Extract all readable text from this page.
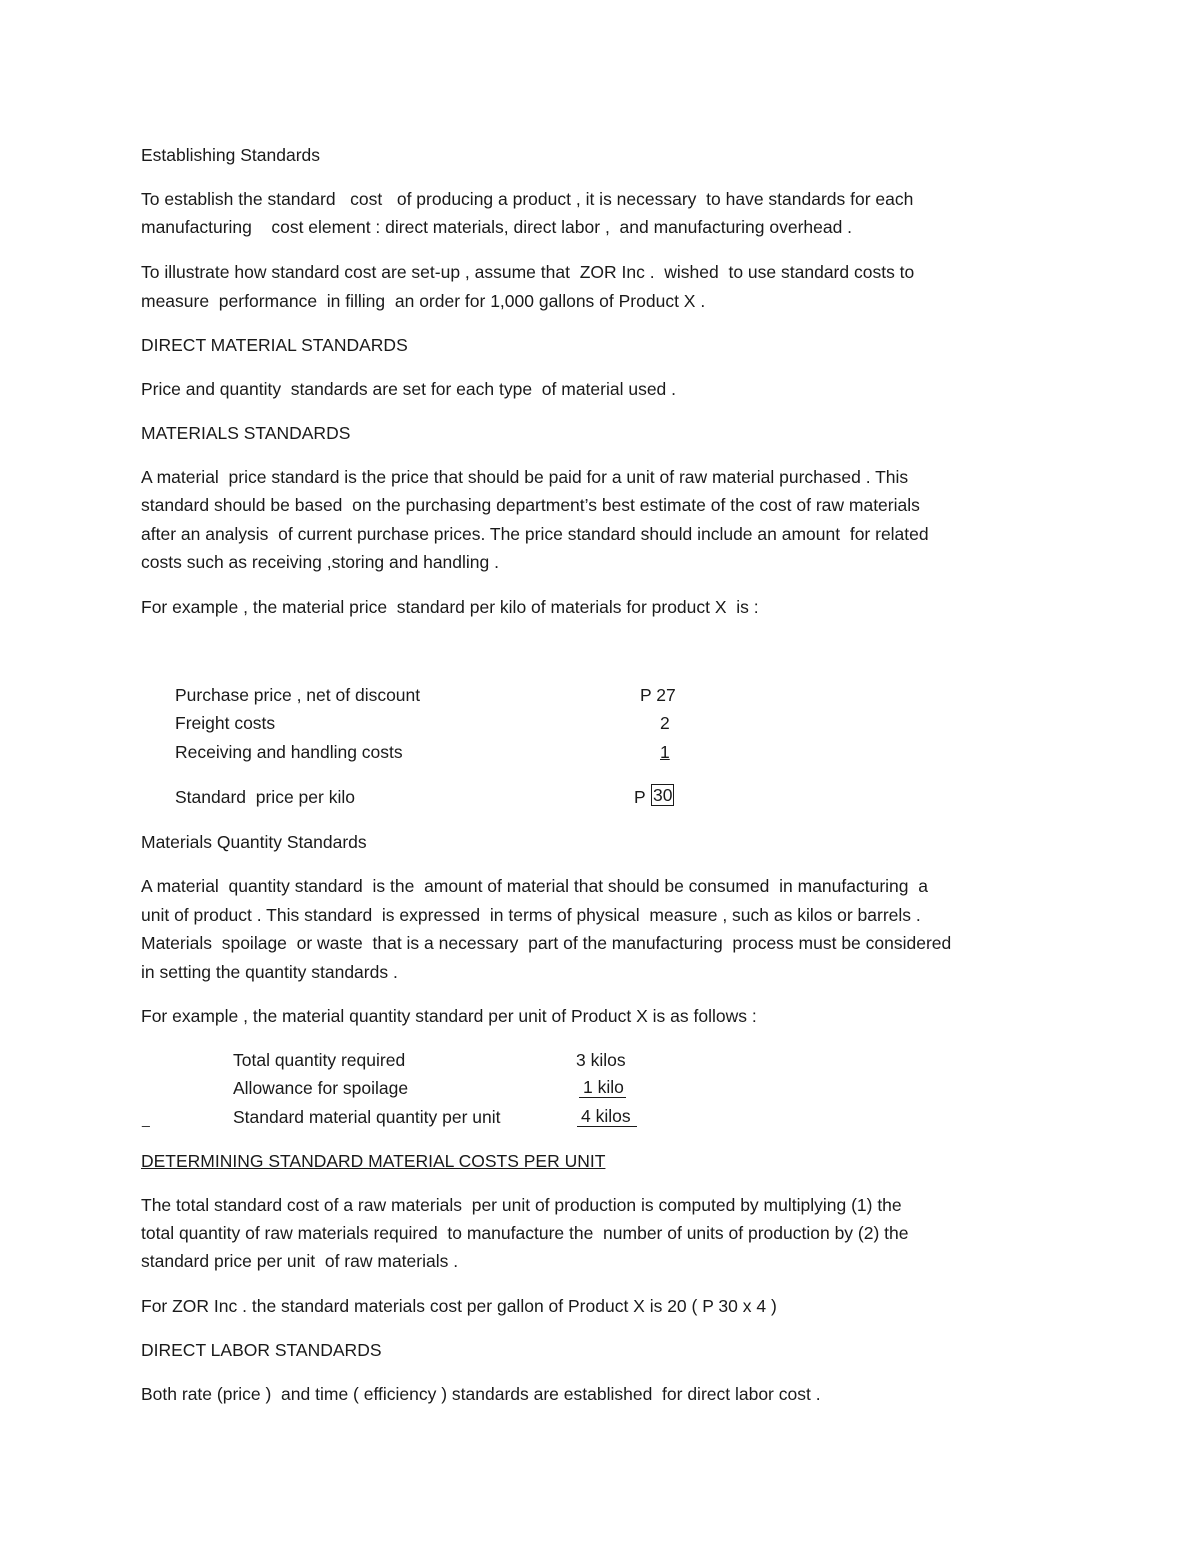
Establishing Standards
To establish the standard   cost   of producing a product , it is necessary  to have standards for each
manufacturing    cost element : direct materials, direct labor ,  and manufacturing overhead .
To illustrate how standard cost are set-up , assume that  ZOR Inc .  wished  to use standard costs to
measure  performance  in filling  an order for 1,000 gallons of Product X .
DIRECT MATERIAL STANDARDS
Price and quantity  standards are set for each type  of material used .
MATERIALS STANDARDS
A material  price standard is the price that should be paid for a unit of raw material purchased . This
standard should be based  on the purchasing department’s best estimate of the cost of raw materials
after an analysis  of current purchase prices. The price standard should include an amount  for related
costs such as receiving ,storing and handling .
For example , the material price  standard per kilo of materials for product X  is :
Purchase price , net of discount	P 27
Freight costs	2
Receiving and handling costs	1
Standard  price per kilo	P 30
Materials Quantity Standards
A material  quantity standard  is the  amount of material that should be consumed  in manufacturing  a
unit of product . This standard  is expressed  in terms of physical  measure , such as kilos or barrels .
Materials  spoilage  or waste  that is a necessary  part of the manufacturing  process must be considered
in setting the quantity standards .
For example , the material quantity standard per unit of Product X is as follows :
Total quantity required	3 kilos
Allowance for spoilage	1 kilo
_	Standard material quantity per unit	4 kilos
DETERMINING STANDARD MATERIAL COSTS PER UNIT
The total standard cost of a raw materials  per unit of production is computed by multiplying (1) the
total quantity of raw materials required  to manufacture the  number of units of production by (2) the
standard price per unit  of raw materials .
For ZOR Inc . the standard materials cost per gallon of Product X is 20 ( P 30 x 4 )
DIRECT LABOR STANDARDS
Both rate (price )  and time ( efficiency ) standards are established  for direct labor cost .
